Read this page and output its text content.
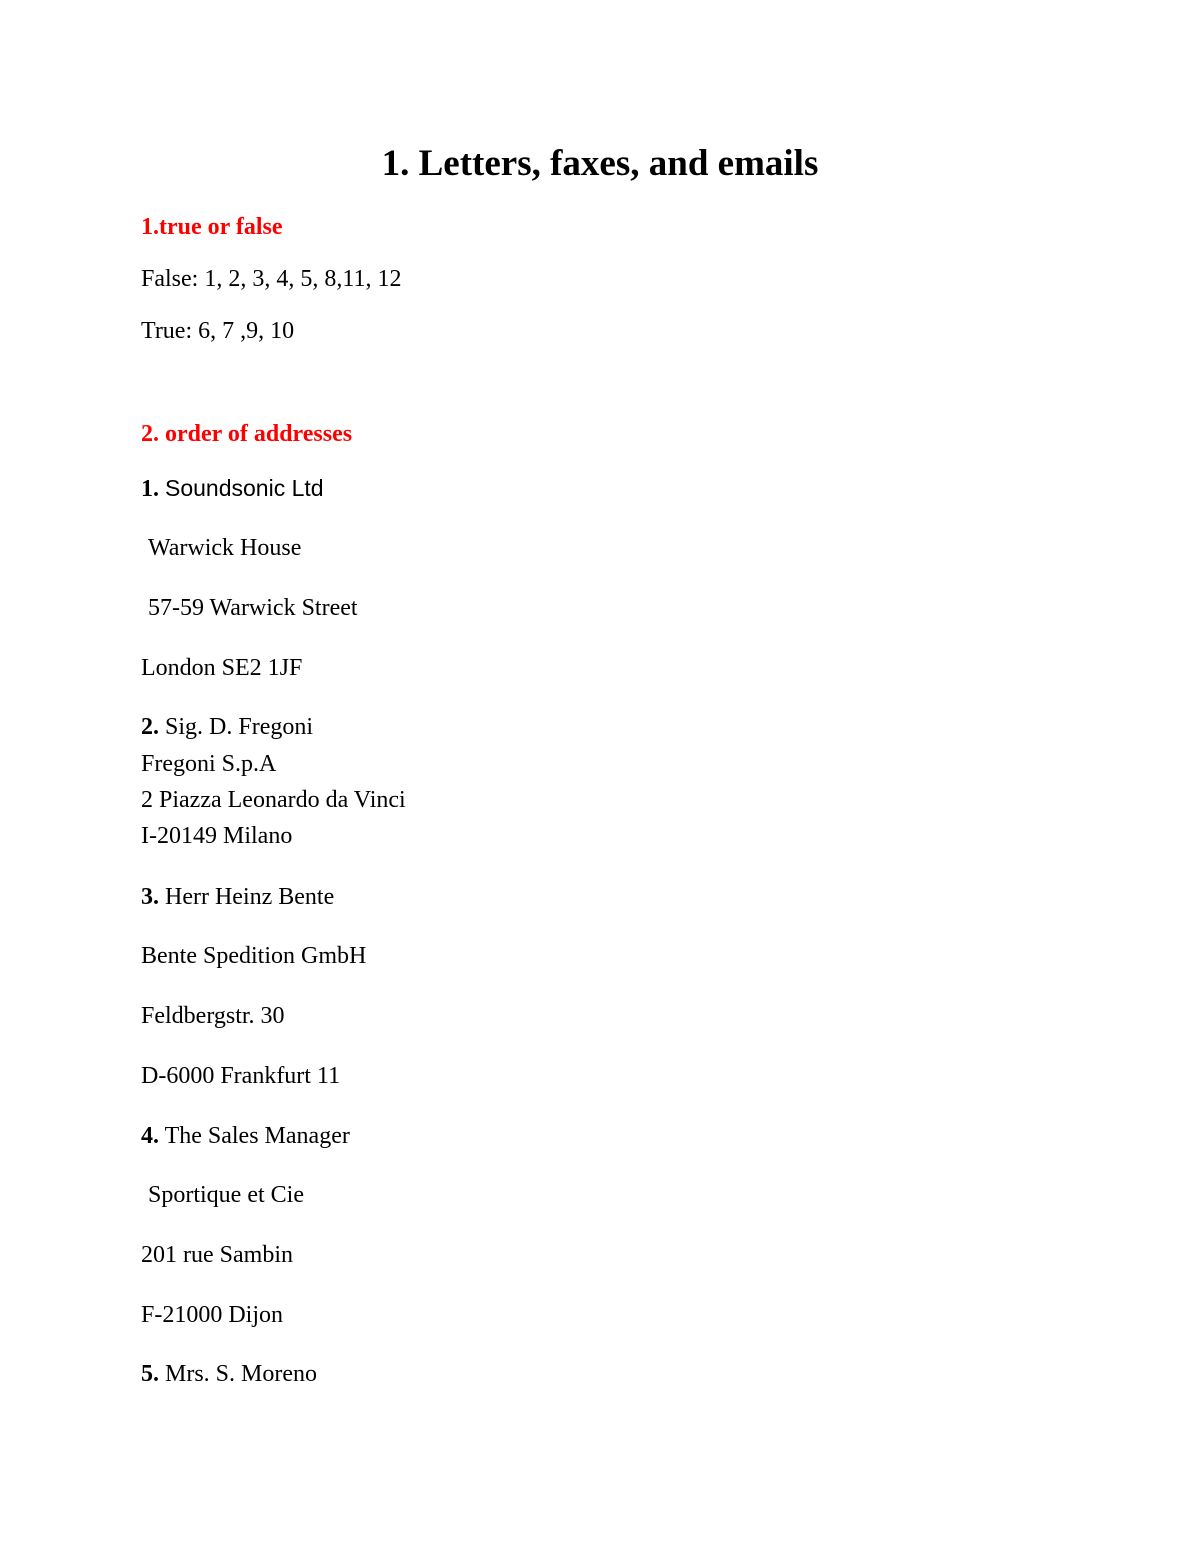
1. Letters, faxes, and emails
1.true or false
False: 1, 2, 3, 4, 5, 8,11, 12
True: 6, 7 ,9, 10
2. order of addresses
1. Soundsonic Ltd
Warwick House
57-59 Warwick Street
London SE2 1JF
2. Sig. D. Fregoni
Fregoni S.p.A
2 Piazza Leonardo da Vinci
I-20149 Milano
3. Herr Heinz Bente
Bente Spedition GmbH
Feldbergstr. 30
D-6000 Frankfurt 11
4. The Sales Manager
Sportique et Cie
201 rue Sambin
F-21000 Dijon
5. Mrs. S. Moreno
